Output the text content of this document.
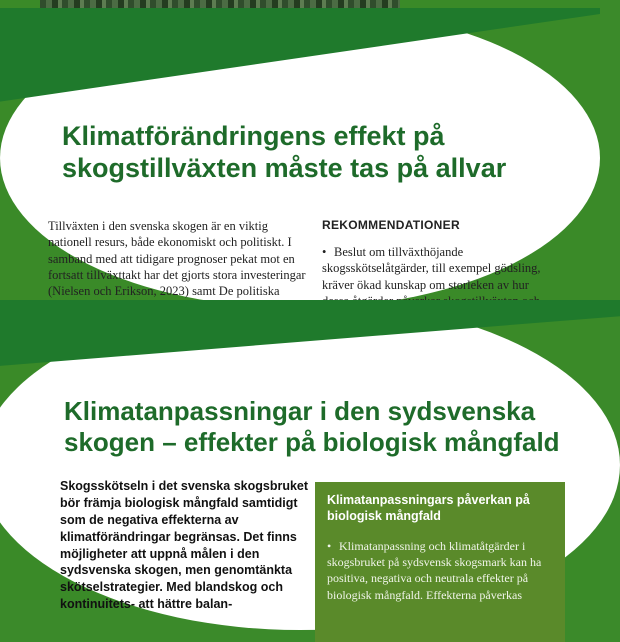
Klimatförändringens effekt på skogstillväxten måste tas på allvar
Tillväxten i den svenska skogen är en viktig nationell resurs, både ekonomiskt och politiskt. I samband med att tidigare prognoser pekat mot en fortsatt tillväxttakt har det gjorts stora investeringar (Nielsen och Erikson, 2023) samt De politiska
REKOMMENDATIONER
• Beslut om tillväxthöjande skogsskötselåtgärder, till exempel gödsling, kräver ökad kunskap om storleken av hur
Klimatanpassningar i den sydsvenska skogen – effekter på biologisk mångfald
Skogsskötseln i det svenska skogsbruket bör främja biologisk mångfald samtidigt som de negativa effekterna av klimatförändringar begränsas. Det finns möjligheter att uppnå målen i den sydsvenska skogen, men genomtänkta skötselstrategier. Med blandskog och kontinuitets- att hättre balan-
Klimatanpassningars påverkan på biologisk mångfald
• Klimatanpassning och klimatåtgärder i skogsbruket på sydsvensk skogsmark kan ha positiva, negativa och neutrala effekter på biologisk mångfald. Effekterna påverkas
